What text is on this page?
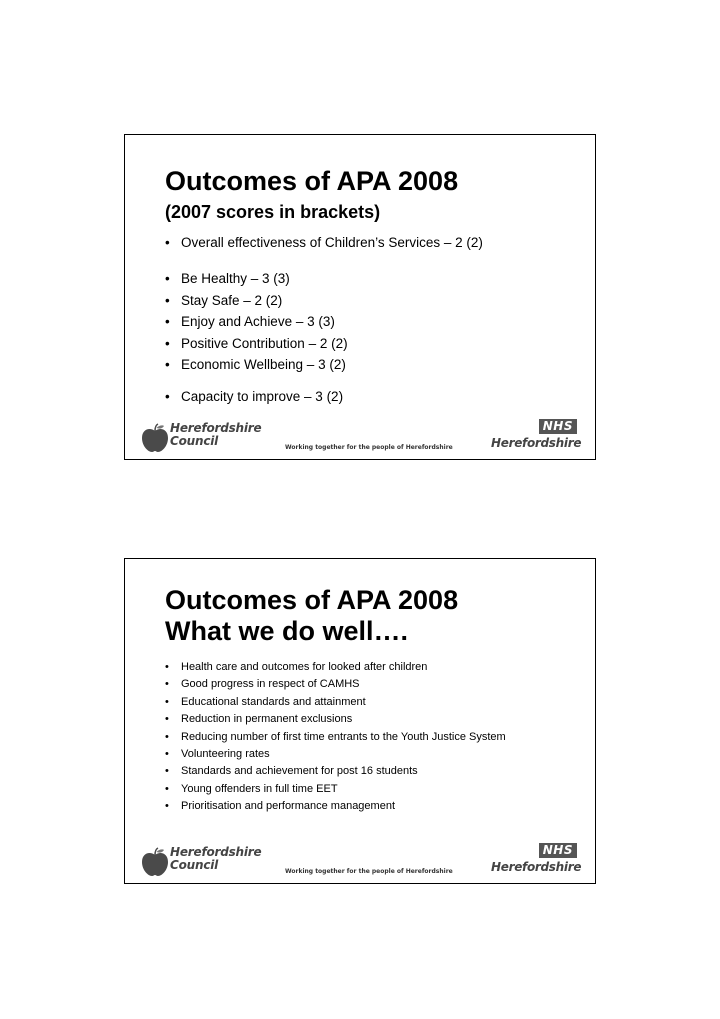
Outcomes of APA 2008
(2007 scores in brackets)
• Overall effectiveness of Children’s Services – 2 (2)
• Be Healthy – 3 (3)
• Stay Safe – 2 (2)
• Enjoy and Achieve – 3 (3)
• Positive Contribution – 2 (2)
• Economic Wellbeing – 3 (2)
• Capacity to improve – 3 (2)
Herefordshire
Council	Working together for the people of Herefordshire
NHS
Herefordshire
Outcomes of APA 2008
What we do well….
• Health care and outcomes for looked after children
• Good progress in respect of CAMHS
• Educational standards and attainment
• Reduction in permanent exclusions
• Reducing number of first time entrants to the Youth Justice System
• Volunteering rates
• Standards and achievement for post 16 students
• Young offenders in full time EET
• Prioritisation and performance management
Herefordshire
Council	Working together for the people of Herefordshire
NHS
Herefordshire
